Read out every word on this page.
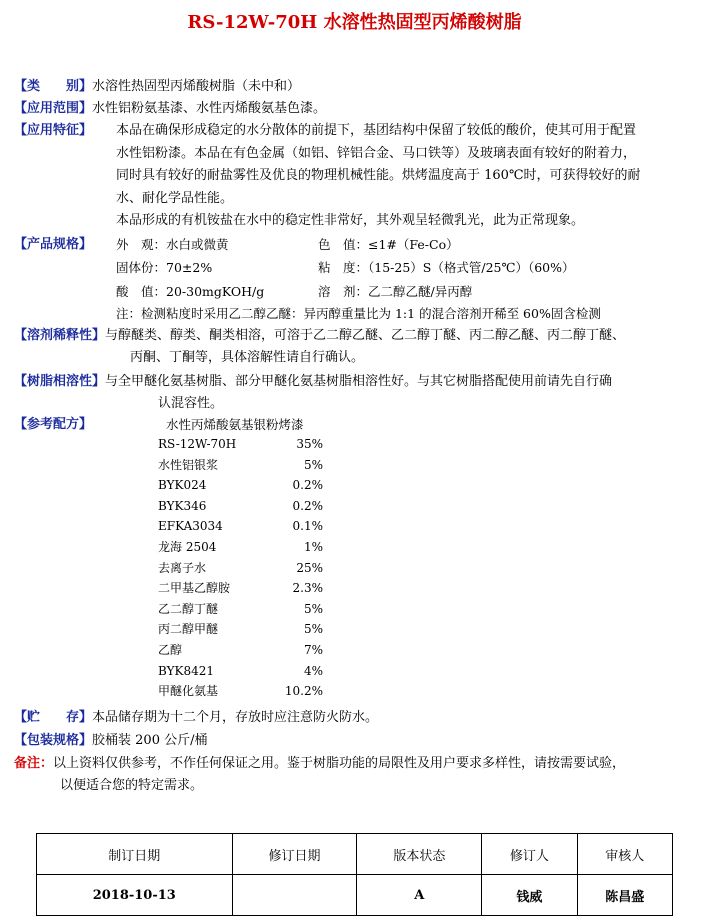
RS-12W-70H 水溶性热固型丙烯酸树脂
【类　　别】水溶性热固型丙烯酸树脂（未中和）
【应用范围】水性铝粉氨基漆、水性丙烯酸氨基色漆。
【应用特征】 本品在确保形成稳定的水分散体的前提下，基团结构中保留了较低的酸价，使其可用于配置
水性铝粉漆。本品在有色金属（如铝、锌铝合金、马口铁等）及玻璃表面有较好的附着力，
同时具有较好的耐盐雾性及优良的物理机械性能。烘烤温度高于 160℃时，可获得较好的耐
水、耐化学品性能。
本品形成的有机铵盐在水中的稳定性非常好，其外观呈轻微乳光，此为正常现象。
【产品规格】 外　观：水白或微黄	色　值：≤1#（Fe-Co）
固体份：70±2%	粘　度：（15-25）S（格式管/25℃）（60%）
酸　值：20-30mgKOH/g	溶　剂：乙二醇乙醚/异丙醇
注：检测粘度时采用乙二醇乙醚：异丙醇重量比为 1:1 的混合溶剂开稀至 60%固含检测
【溶剂稀释性】与醇醚类、醇类、酮类相溶，可溶于乙二醇乙醚、乙二醇丁醚、丙二醇乙醚、丙二醇丁醚、
丙酮、丁酮等，具体溶解性请自行确认。
【树脂相溶性】与全甲醚化氨基树脂、部分甲醚化氨基树脂相溶性好。与其它树脂搭配使用前请先自行确
认混容性。
【参考配方】	水性丙烯酸氨基银粉烤漆
RS-12W-70H	35%
水性铝银浆	5%
BYK024	0.2%
BYK346	0.2%
EFKA3034	0.1%
龙海 2504	1%
去离子水	25%
二甲基乙醇胺	2.3%
乙二醇丁醚	5%
丙二醇甲醚	5%
乙醇	7%
BYK8421	4%
甲醚化氨基	10.2%
【贮　　存】本品储存期为十二个月，存放时应注意防火防水。
【包装规格】胶桶装 200 公斤/桶
备注：以上资料仅供参考，不作任何保证之用。鉴于树脂功能的局限性及用户要求多样性，请按需要试验，
以便适合您的特定需求。
制订日期	修订日期	版本状态	修订人	审核人
2018-10-13		A	钱威	陈昌盛
